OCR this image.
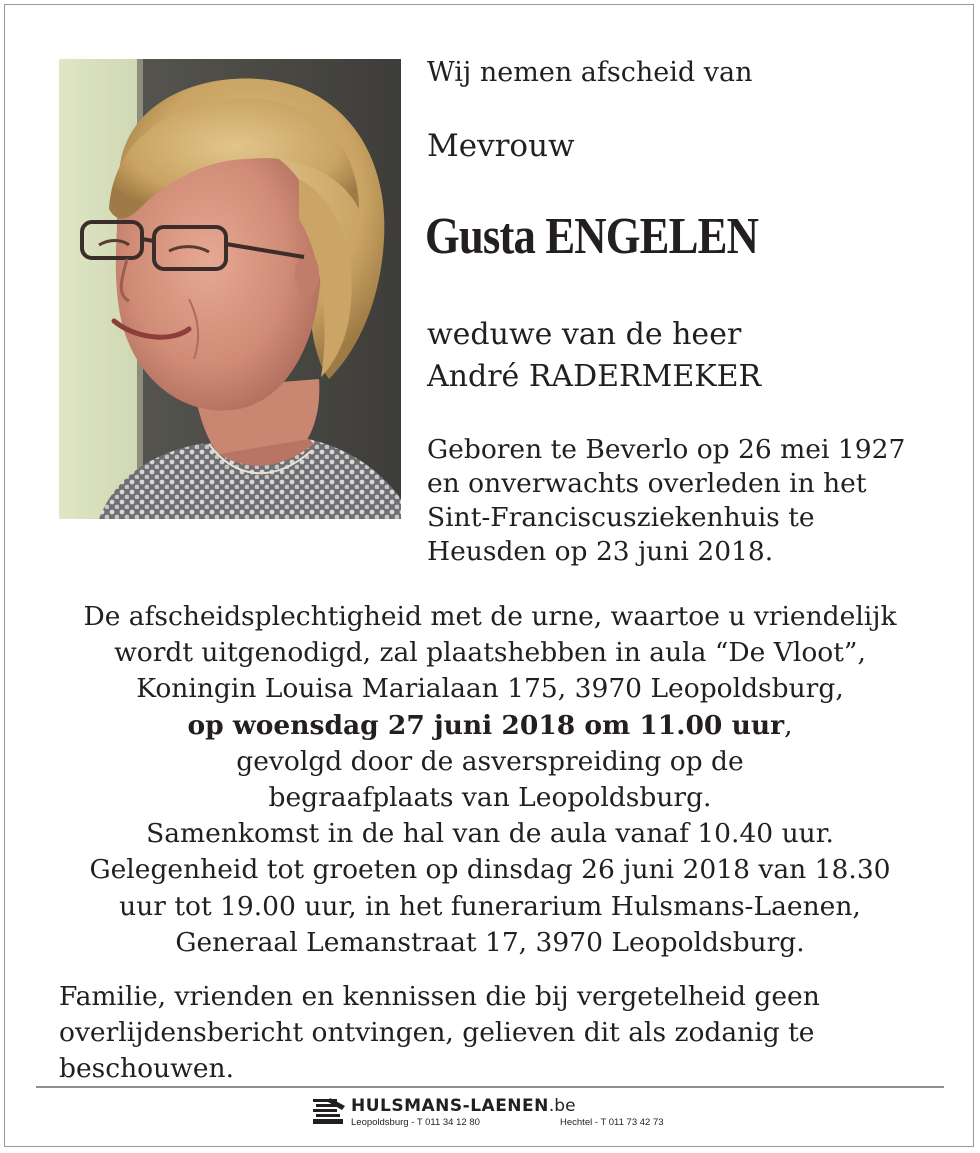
Wij nemen afscheid van
Mevrouw
Gusta ENGELEN
weduwe van de heer
André RADERMEKER
Geboren te Beverlo op 26 mei 1927
en onverwachts overleden in het
Sint-Franciscusziekenhuis te
Heusden op 23 juni 2018.
De afscheidsplechtigheid met de urne, waartoe u vriendelijk
wordt uitgenodigd, zal plaatshebben in aula “De Vloot”,
Koningin Louisa Marialaan 175, 3970 Leopoldsburg,
op woensdag 27 juni 2018 om 11.00 uur,
gevolgd door de asverspreiding op de
begraafplaats van Leopoldsburg.
Samenkomst in de hal van de aula vanaf 10.40 uur.
Gelegenheid tot groeten op dinsdag 26 juni 2018 van 18.30
uur tot 19.00 uur, in het funerarium Hulsmans-Laenen,
Generaal Lemanstraat 17, 3970 Leopoldsburg.
Familie, vrienden en kennissen die bij vergetelheid geen
overlijdensbericht ontvingen, gelieven dit als zodanig te
beschouwen.
HULSMANS-LAENEN.be
Leopoldsburg - T 011 34 12 80	Hechtel - T 011 73 42 73
